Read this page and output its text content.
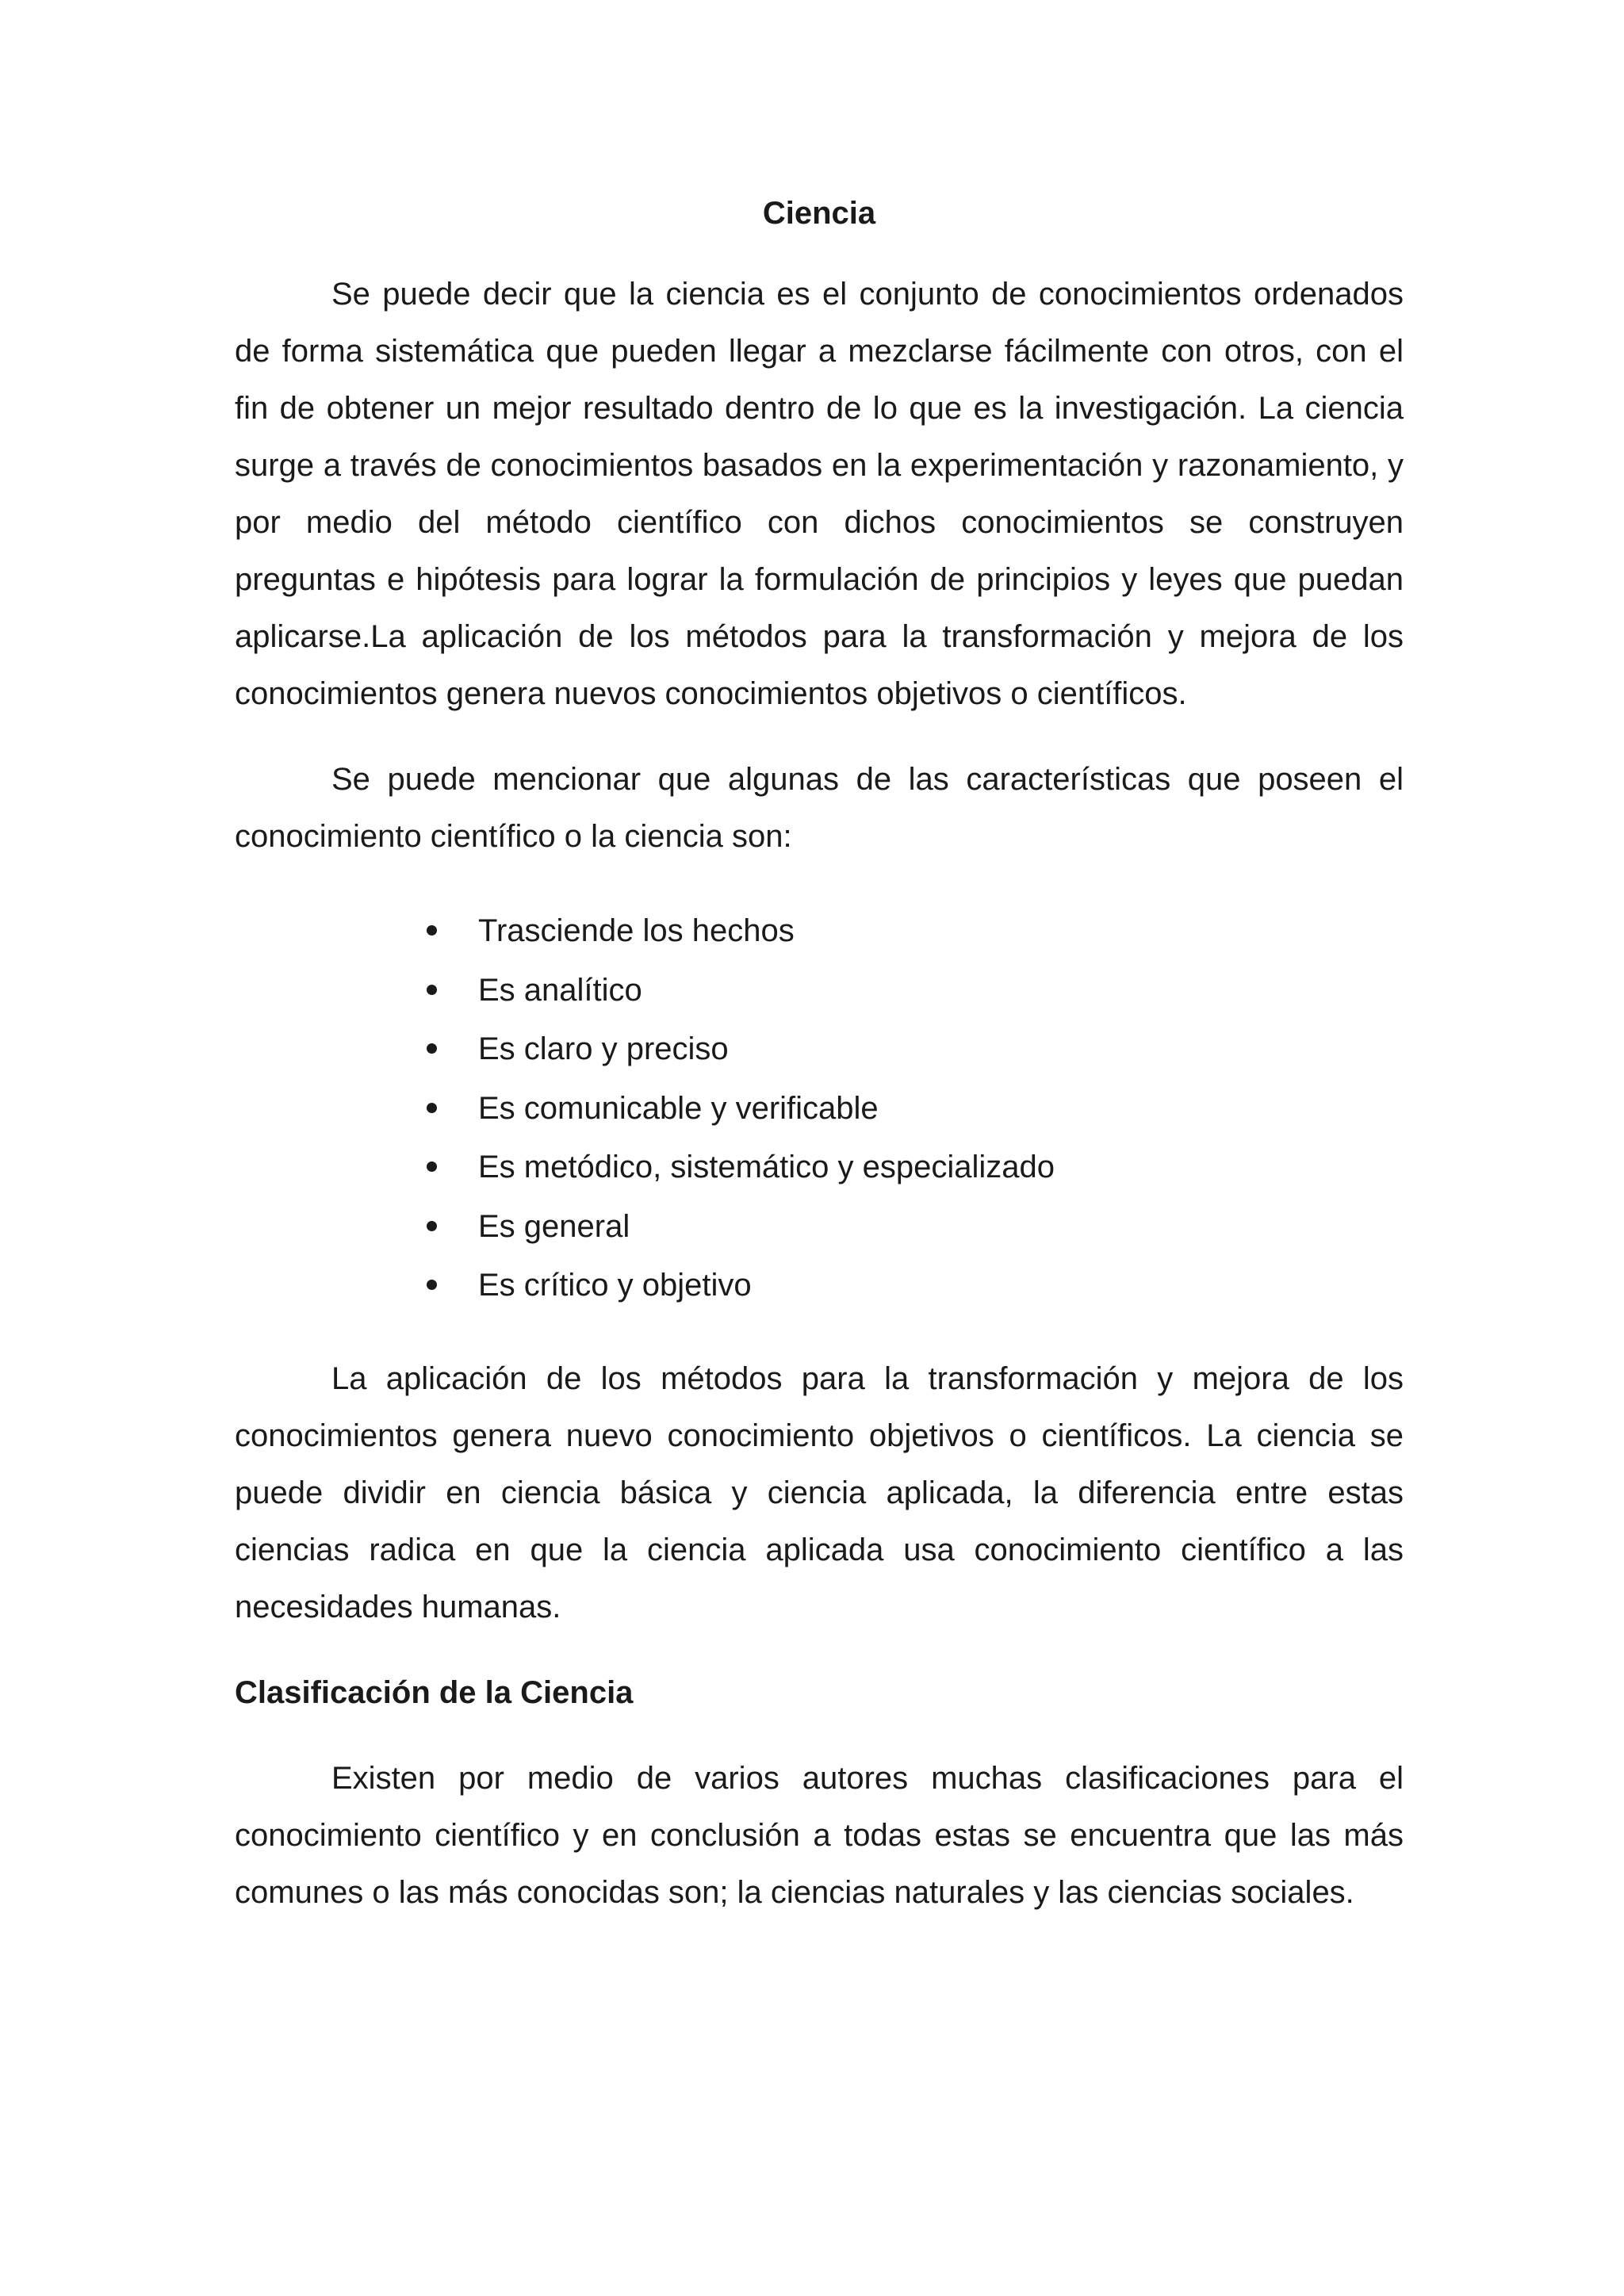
Ciencia

Se puede decir que la ciencia es el conjunto de conocimientos ordenados de forma sistemática que pueden llegar a mezclarse fácilmente con otros, con el fin de obtener un mejor resultado dentro de lo que es la investigación. La ciencia surge a través de conocimientos basados en la experimentación y razonamiento, y por medio del método científico con dichos conocimientos se construyen preguntas e hipótesis para lograr la formulación de principios y leyes que puedan aplicarse.La aplicación de los métodos para la transformación y mejora de los conocimientos genera nuevos conocimientos objetivos o científicos.

Se puede mencionar que algunas de las características que poseen el conocimiento científico o la ciencia son:

Trasciende los hechos
Es analítico
Es claro y preciso
Es comunicable y verificable
Es metódico, sistemático y especializado
Es general
Es crítico y objetivo

La aplicación de los métodos para la transformación y mejora de los conocimientos genera nuevo conocimiento objetivos o científicos. La ciencia se puede dividir en ciencia básica y ciencia aplicada, la diferencia entre estas ciencias radica en que la ciencia aplicada usa conocimiento científico a las necesidades humanas.

Clasificación de la Ciencia

Existen por medio de varios autores muchas clasificaciones para el conocimiento científico y en conclusión a todas estas se encuentra que las más comunes o las más conocidas son; la ciencias naturales y las ciencias sociales.
